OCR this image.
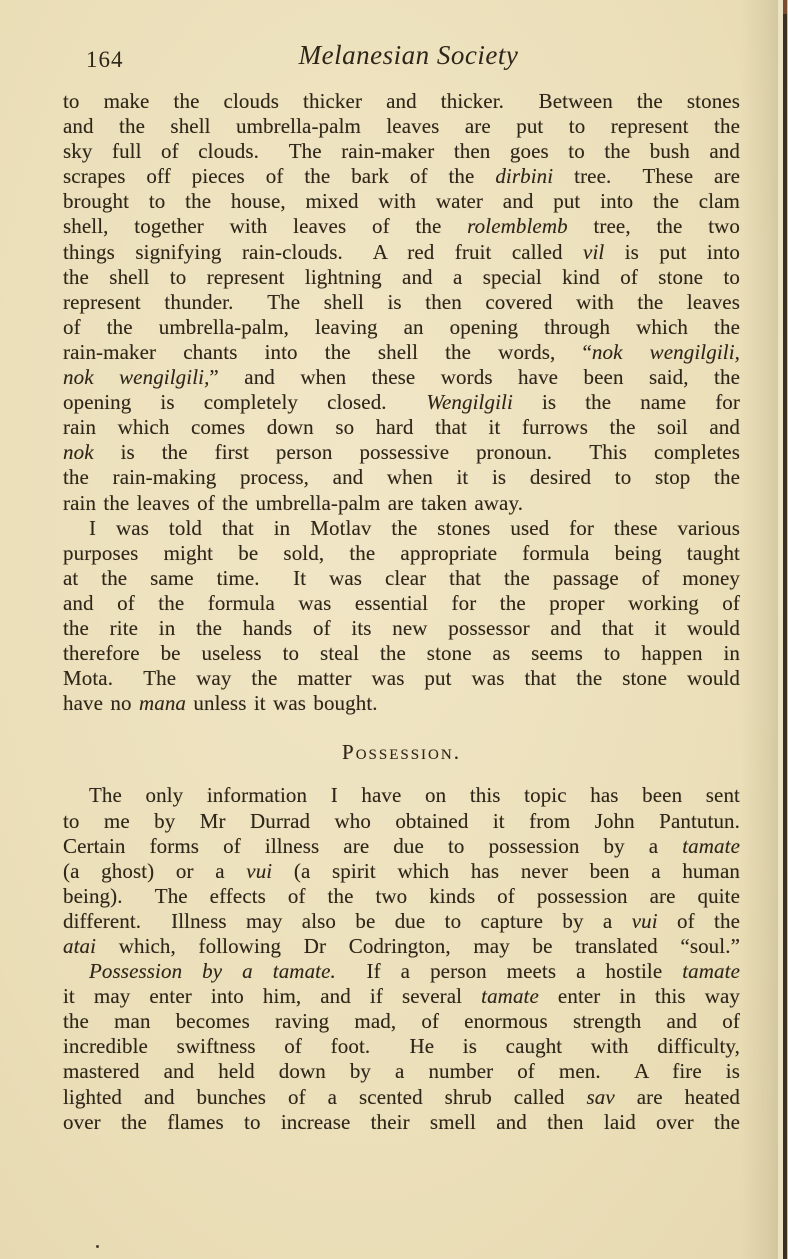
164	Melanesian Society
to make the clouds thicker and thicker.  Between the stones
and the shell umbrella-palm leaves are put to represent the
sky full of clouds.  The rain-maker then goes to the bush and
scrapes off pieces of the bark of the dirbini tree.  These are
brought to the house, mixed with water and put into the clam
shell, together with leaves of the rolemblemb tree, the two
things signifying rain-clouds.  A red fruit called vil is put into
the shell to represent lightning and a special kind of stone to
represent thunder.  The shell is then covered with the leaves
of the umbrella-palm, leaving an opening through which the
rain-maker chants into the shell the words, “nok wengilgili,
nok wengilgili,” and when these words have been said, the
opening is completely closed.  Wengilgili is the name for
rain which comes down so hard that it furrows the soil and
nok is the first person possessive pronoun.  This completes
the rain-making process, and when it is desired to stop the
rain the leaves of the umbrella-palm are taken away.
I was told that in Motlav the stones used for these various
purposes might be sold, the appropriate formula being taught
at the same time.  It was clear that the passage of money
and of the formula was essential for the proper working of
the rite in the hands of its new possessor and that it would
therefore be useless to steal the stone as seems to happen in
Mota.  The way the matter was put was that the stone would
have no mana unless it was bought.
Possession.
The only information I have on this topic has been sent
to me by Mr Durrad who obtained it from John Pantutun.
Certain forms of illness are due to possession by a tamate
(a ghost) or a vui (a spirit which has never been a human
being).  The effects of the two kinds of possession are quite
different.  Illness may also be due to capture by a vui of the
atai which, following Dr Codrington, may be translated “soul.”
Possession by a tamate.  If a person meets a hostile tamate
it may enter into him, and if several tamate enter in this way
the man becomes raving mad, of enormous strength and of
incredible swiftness of foot.  He is caught with difficulty,
mastered and held down by a number of men.  A fire is
lighted and bunches of a scented shrub called sav are heated
over the flames to increase their smell and then laid over the
